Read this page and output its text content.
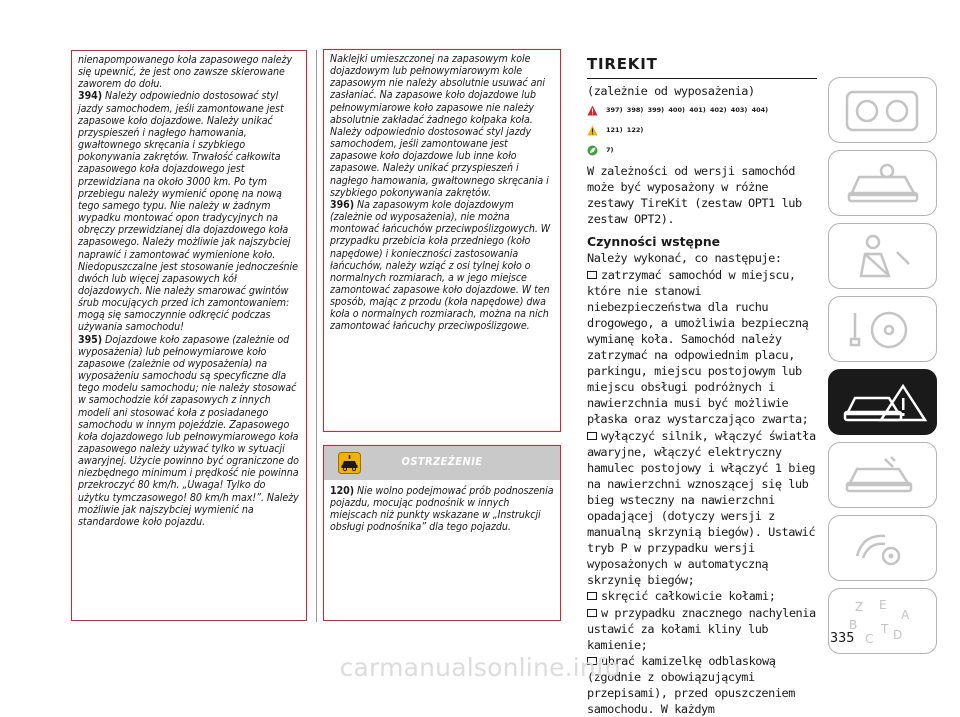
nienapompowanego koła zapasowego należy się upewnić, że jest ono zawsze skierowane zaworem do dołu.

394) Należy odpowiednio dostosować styl jazdy samochodem, jeśli zamontowane jest zapasowe koło dojazdowe. Należy unikać przyspieszeń i nagłego hamowania, gwałtownego skręcania i szybkiego pokonywania zakrętów. Trwałość całkowita zapasowego koła dojazdowego jest przewidziana na około 3000 km. Po tym przebiegu należy wymienić oponę na nową tego samego typu. Nie należy w żadnym wypadku montować opon tradycyjnych na obręczy przewidzianej dla dojazdowego koła zapasowego. Należy możliwie jak najszybciej naprawić i zamontować wymienione koło. Niedopuszczalne jest stosowanie jednocześnie dwóch lub więcej zapasowych kół dojazdowych. Nie należy smarować gwintów śrub mocujących przed ich zamontowaniem: mogą się samoczynnie odkręcić podczas używania samochodu!

395) Dojazdowe koło zapasowe (zależnie od wyposażenia) lub pełnowymiarowe koło zapasowe (zależnie od wyposażenia) na wyposażeniu samochodu są specyficzne dla tego modelu samochodu; nie należy stosować w samochodzie kół zapasowych z innych modeli ani stosować koła z posiadanego samochodu w innym pojeździe. Zapasowego koła dojazdowego lub pełnowymiarowego koła zapasowego należy używać tylko w sytuacji awaryjnej. Użycie powinno być ograniczone do niezbędnego minimum i prędkość nie powinna przekroczyć 80 km/h. „Uwaga! Tylko do użytku tymczasowego! 80 km/h max!”. Należy możliwie jak najszybciej wymienić na standardowe koło pojazdu.

Naklejki umieszczonej na zapasowym kole dojazdowym lub pełnowymiarowym kole zapasowym nie należy absolutnie usuwać ani zasłaniać. Na zapasowe koło dojazdowe lub pełnowymiarowe koło zapasowe nie należy absolutnie zakładać żadnego kołpaka koła. Należy odpowiednio dostosować styl jazdy samochodem, jeśli zamontowane jest zapasowe koło dojazdowe lub inne koło zapasowe. Należy unikać przyspieszeń i nagłego hamowania, gwałtownego skręcania i szybkiego pokonywania zakrętów.

396) Na zapasowym kole dojazdowym (zależnie od wyposażenia), nie można montować łańcuchów przeciwpoślizgowych. W przypadku przebicia koła przedniego (koło napędowe) i konieczności zastosowania łańcuchów, należy wziąć z osi tylnej koło o normalnych rozmiarach, a w jego miejsce zamontować zapasowe koło dojazdowe. W ten sposób, mając z przodu (koła napędowe) dwa koła o normalnych rozmiarach, można na nich zamontować łańcuchy przeciwpoślizgowe.

OSTRZEŻENIE

120) Nie wolno podejmować prób podnoszenia pojazdu, mocując podnośnik w innych miejscach niż punkty wskazane w „Instrukcji obsługi podnośnika” dla tego pojazdu.

TIREKIT
(zależnie od wyposażenia)
397) 398) 399) 400) 401) 402) 403) 404)
121) 122)
7)
W zależności od wersji samochód może być wyposażony w różne zestawy TireKit (zestaw OPT1 lub zestaw OPT2).
Czynności wstępne
Należy wykonać, co następuje:
zatrzymać samochód w miejscu, które nie stanowi niebezpieczeństwa dla ruchu drogowego, a umożliwia bezpieczną wymianę koła. Samochód należy zatrzymać na odpowiednim placu, parkingu, miejscu postojowym lub miejscu obsługi podróżnych i nawierzchnia musi być możliwie płaska oraz wystarczająco zwarta;
wyłączyć silnik, włączyć światła awaryjne, włączyć elektryczny hamulec postojowy i włączyć 1 bieg na nawierzchni wznoszącej się lub bieg wsteczny na nawierzchni opadającej (dotyczy wersji z manualną skrzynią biegów). Ustawić tryb P w przypadku wersji wyposażonych w automatyczną skrzynię biegów;
skręcić całkowicie kołami;
w przypadku znacznego nachylenia ustawić za kołami kliny lub kamienie;
ubrać kamizelkę odblaskową (zgodnie z obowiązującymi przepisami), przed opuszczeniem samochodu. W każdym
Z E
A
B
C D
T
335
carmanualsonline.info
